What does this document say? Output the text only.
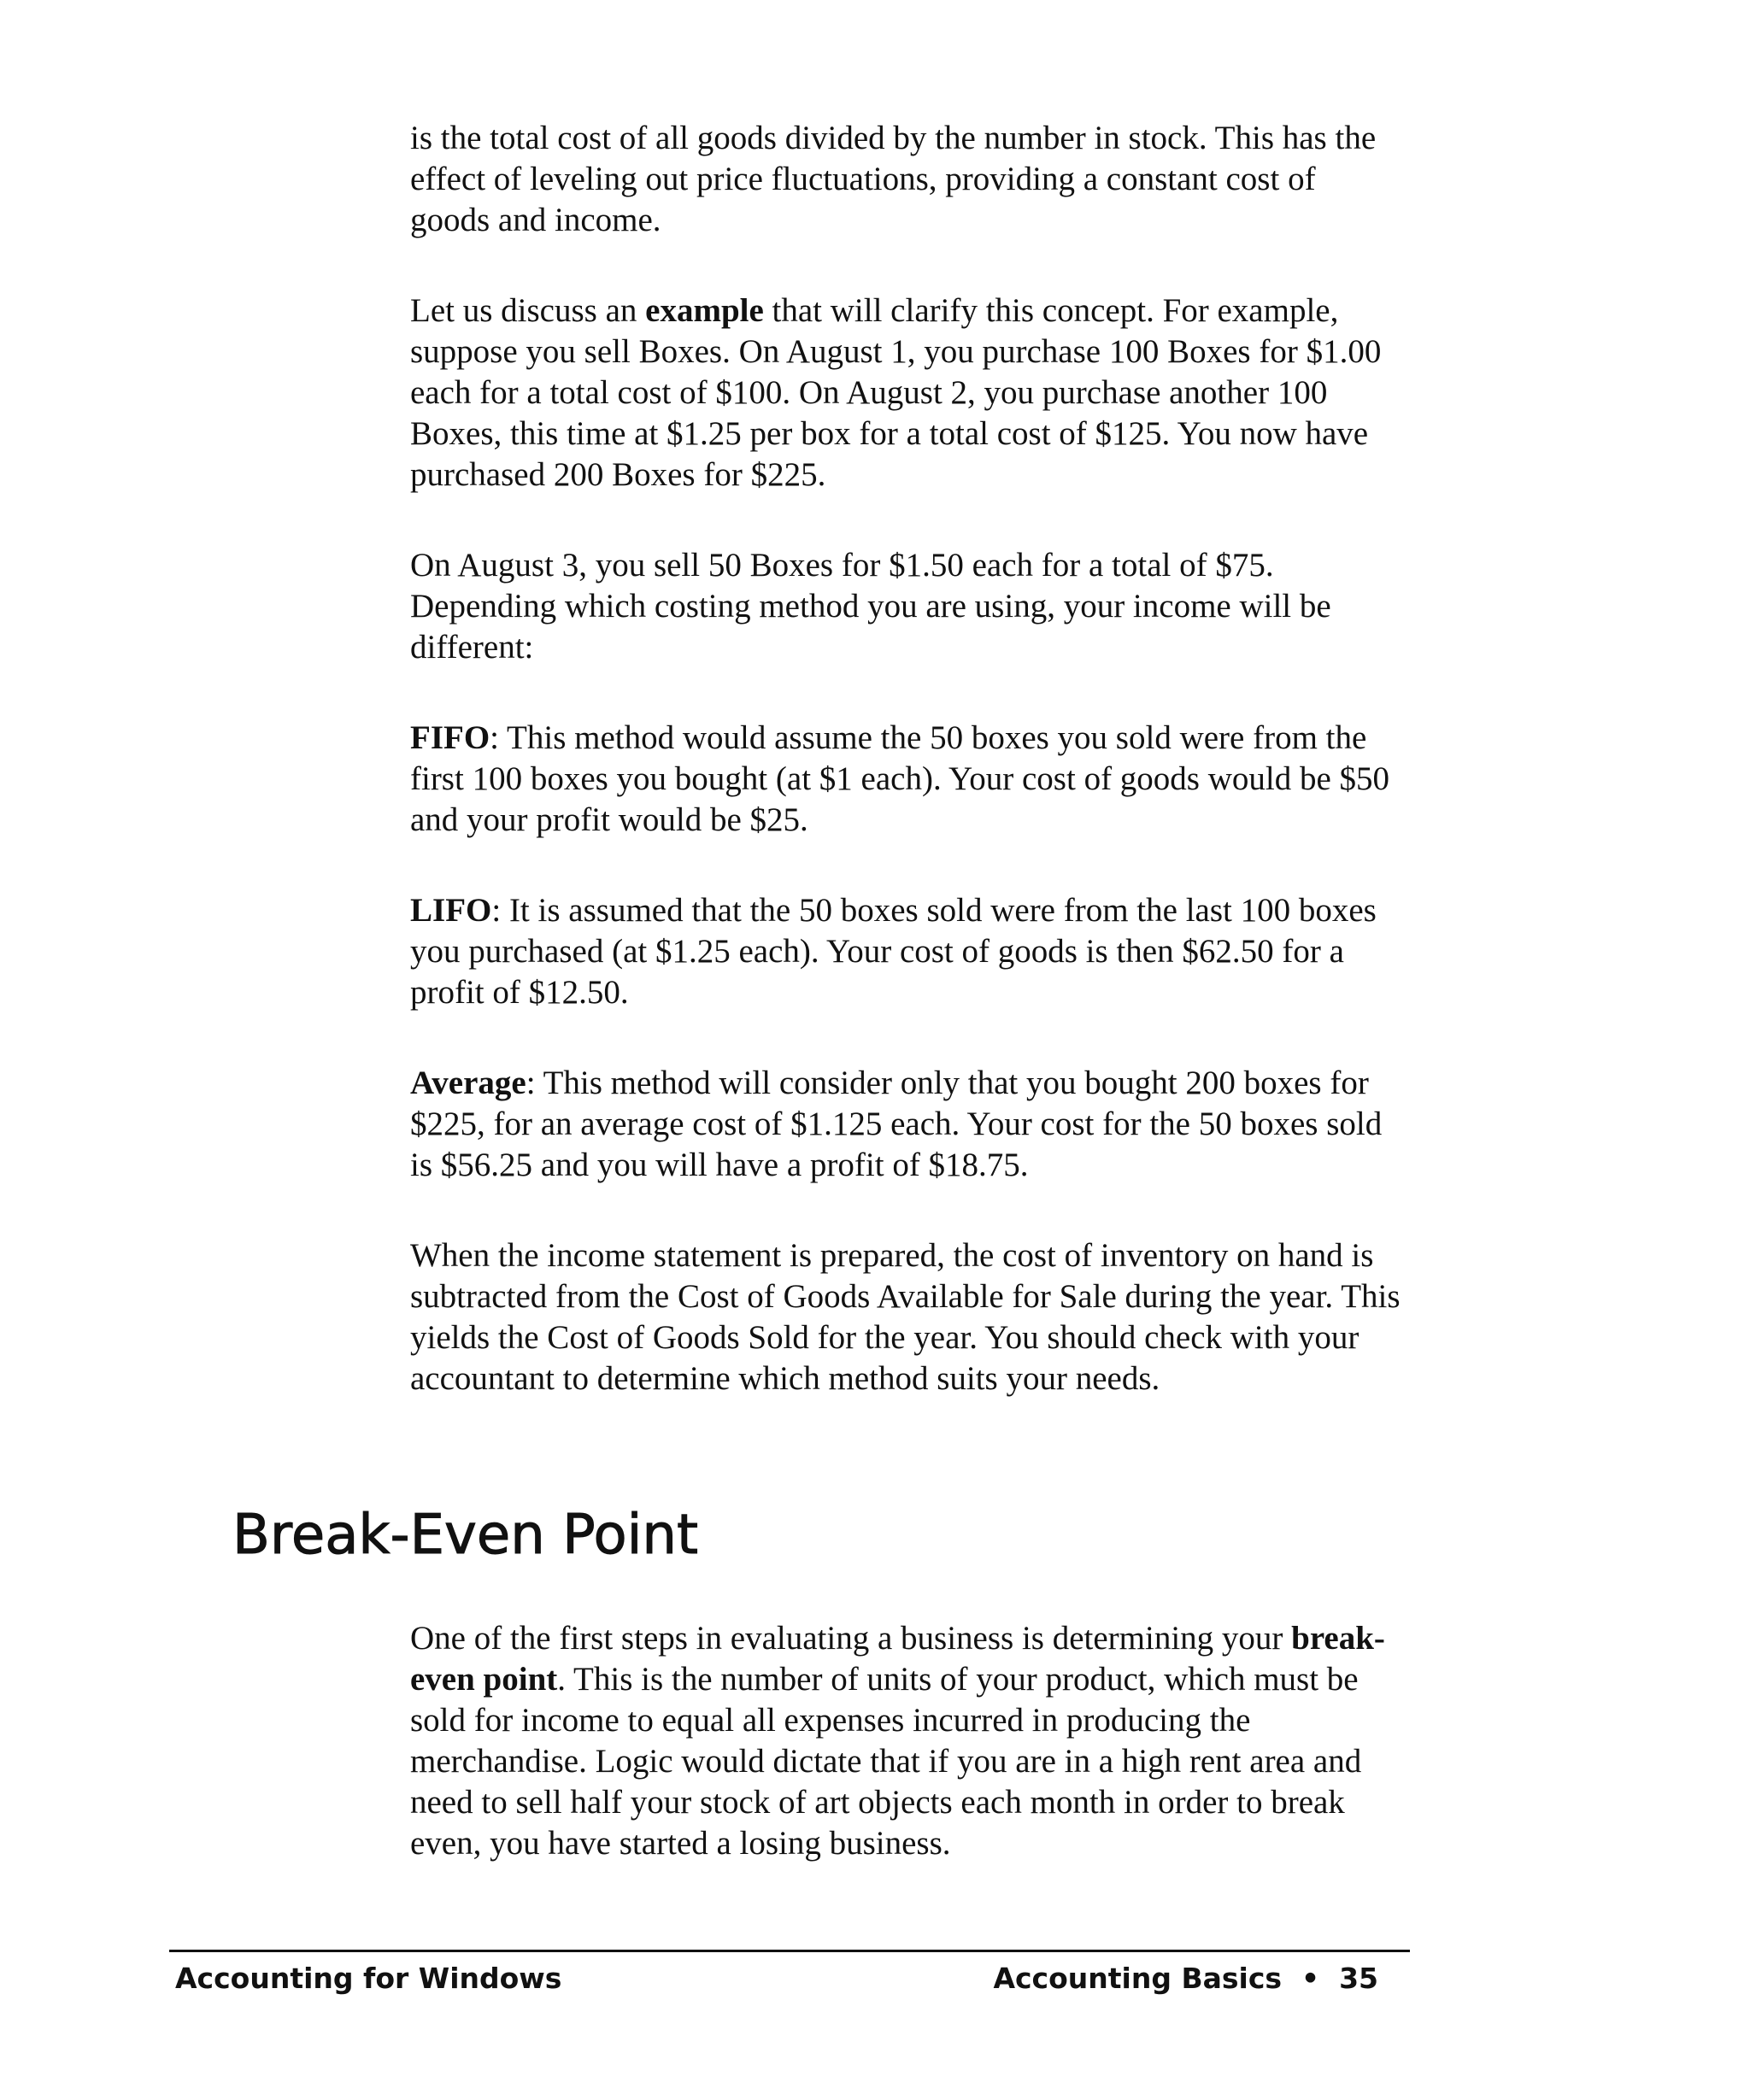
is the total cost of all goods divided by the number in stock. This has the effect of leveling out price fluctuations, providing a constant cost of goods and income.

Let us discuss an example that will clarify this concept. For example, suppose you sell Boxes. On August 1, you purchase 100 Boxes for $1.00 each for a total cost of $100. On August 2, you purchase another 100 Boxes, this time at $1.25 per box for a total cost of $125. You now have purchased 200 Boxes for $225.

On August 3, you sell 50 Boxes for $1.50 each for a total of $75. Depending which costing method you are using, your income will be different:

FIFO: This method would assume the 50 boxes you sold were from the first 100 boxes you bought (at $1 each). Your cost of goods would be $50 and your profit would be $25.

LIFO: It is assumed that the 50 boxes sold were from the last 100 boxes you purchased (at $1.25 each). Your cost of goods is then $62.50 for a profit of $12.50.

Average: This method will consider only that you bought 200 boxes for $225, for an average cost of $1.125 each. Your cost for the 50 boxes sold is $56.25 and you will have a profit of $18.75.

When the income statement is prepared, the cost of inventory on hand is subtracted from the Cost of Goods Available for Sale during the year. This yields the Cost of Goods Sold for the year. You should check with your accountant to determine which method suits your needs.

Break-Even Point

One of the first steps in evaluating a business is determining your break-even point. This is the number of units of your product, which must be sold for income to equal all expenses incurred in producing the merchandise. Logic would dictate that if you are in a high rent area and need to sell half your stock of art objects each month in order to break even, you have started a losing business.

Accounting for Windows	Accounting Basics  •  35
